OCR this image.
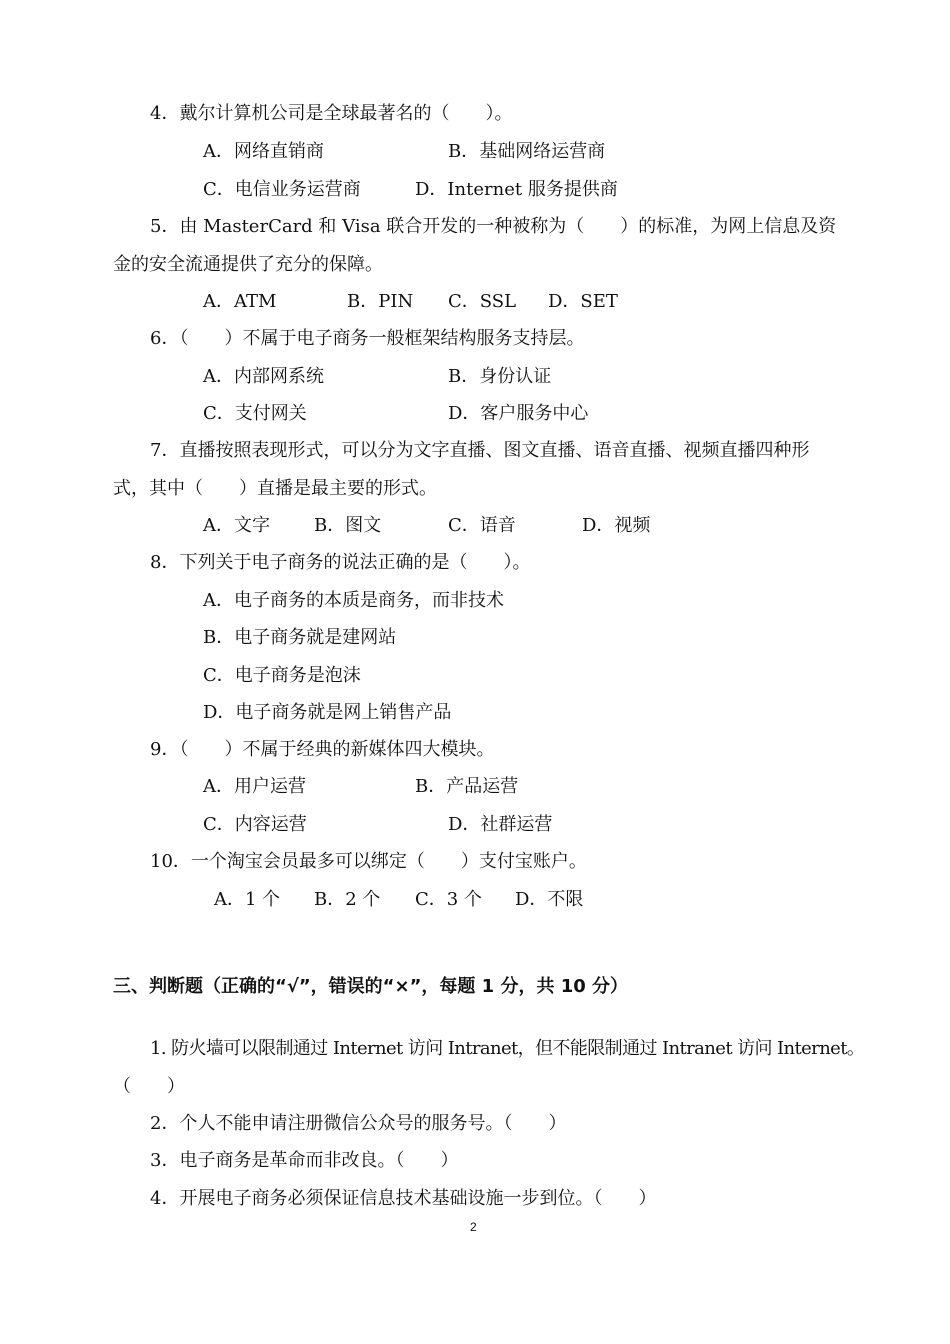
4．戴尔计算机公司是全球最著名的（　　）。
A．网络直销商	B．基础网络运营商
C．电信业务运营商	D．Internet 服务提供商
5．由 MasterCard 和 Visa 联合开发的一种被称为（　　）的标准，为网上信息及资
金的安全流通提供了充分的保障。
A．ATM	B．PIN C．SSL D．SET
6．（　　）不属于电子商务一般框架结构服务支持层。
A．内部网系统	B．身份认证
C．支付网关	D．客户服务中心
7．直播按照表现形式，可以分为文字直播、图文直播、语音直播、视频直播四种形
式，其中（　　）直播是最主要的形式。
A．文字 B．图文	C．语音	D．视频
8．下列关于电子商务的说法正确的是（　　）。
A．电子商务的本质是商务，而非技术
B．电子商务就是建网站
C．电子商务是泡沫
D．电子商务就是网上销售产品
9．（　　）不属于经典的新媒体四大模块。
A．用户运营	B．产品运营
C．内容运营	D．社群运营
10．一个淘宝会员最多可以绑定（　　）支付宝账户。
A．1 个 B．2 个 C．3 个 D．不限
三、判断题（正确的“√”，错误的“×”，每题 1 分，共 10 分）
1. 防火墙可以限制通过 Internet 访问 Intranet，但不能限制通过 Intranet 访问 Internet。
（　　）
2．个人不能申请注册微信公众号的服务号。（　　）
3．电子商务是革命而非改良。（　　）
4．开展电子商务必须保证信息技术基础设施一步到位。（　　）
2
